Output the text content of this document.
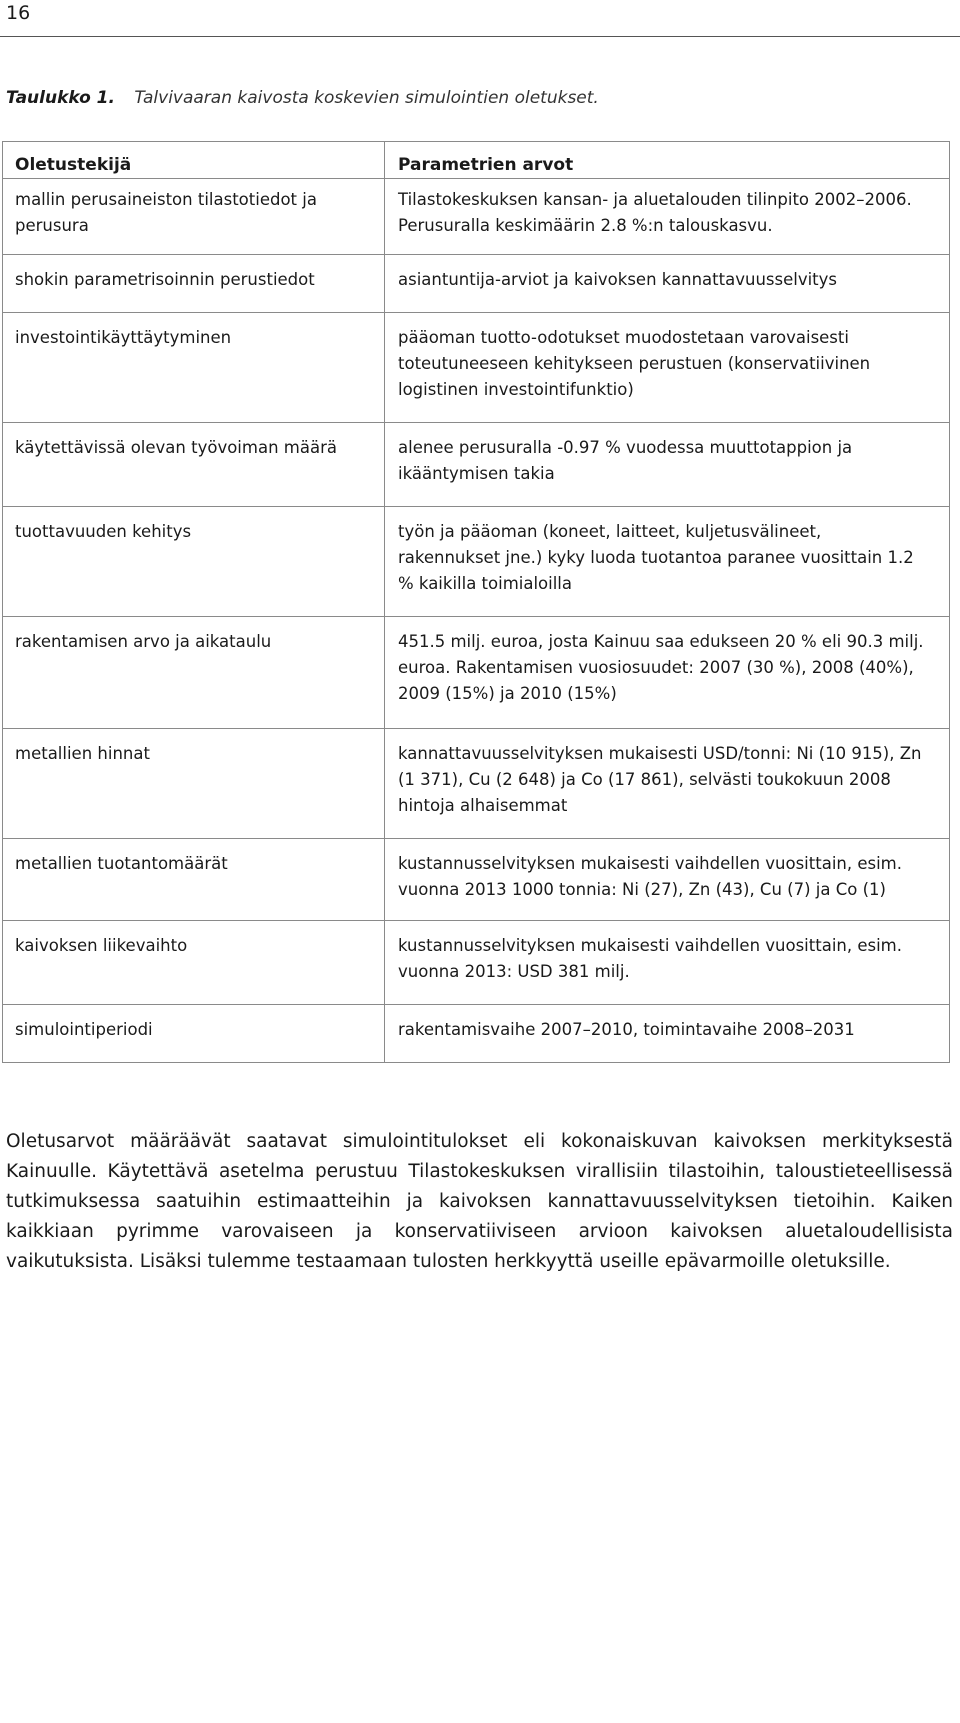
16
Taulukko 1. Talvivaaran kaivosta koskevien simulointien oletukset.
Oletustekijä	Parametrien arvot
mallin perusaineiston tilastotiedot ja perusura	Tilastokeskuksen kansan- ja aluetalouden tilinpito 2002–2006. Perusuralla keskimäärin 2.8 %:n talouskasvu.
shokin parametrisoinnin perustiedot	asiantuntija-arviot ja kaivoksen kannattavuusselvitys
investointikäyttäytyminen	pääoman tuotto-odotukset muodostetaan varovaisesti toteutuneeseen kehitykseen perustuen (konservatiivinen logistinen investointifunktio)
käytettävissä olevan työvoiman määrä	alenee perusuralla -0.97 % vuodessa muuttotappion ja ikääntymisen takia
tuottavuuden kehitys	työn ja pääoman (koneet, laitteet, kuljetusvälineet, rakennukset jne.) kyky luoda tuotantoa paranee vuosittain 1.2 % kaikilla toimialoilla
rakentamisen arvo ja aikataulu	451.5 milj. euroa, josta Kainuu saa edukseen 20 % eli 90.3 milj. euroa. Rakentamisen vuosiosuudet: 2007 (30 %), 2008 (40%), 2009 (15%) ja 2010 (15%)
metallien hinnat	kannattavuusselvityksen mukaisesti USD/tonni: Ni (10 915), Zn (1 371), Cu (2 648) ja Co (17 861), selvästi toukokuun 2008 hintoja alhaisemmat
metallien tuotantomäärät	kustannusselvityksen mukaisesti vaihdellen vuosittain, esim. vuonna 2013 1000 tonnia: Ni (27), Zn (43), Cu (7) ja Co (1)
kaivoksen liikevaihto	kustannusselvityksen mukaisesti vaihdellen vuosittain, esim. vuonna 2013: USD 381 milj.
simulointiperiodi	rakentamisvaihe 2007–2010, toimintavaihe 2008–2031

Oletusarvot määräävät saatavat simulointitulokset eli kokonaiskuvan kaivoksen merkityksestä Kainuulle. Käytettävä asetelma perustuu Tilastokeskuksen virallisiin tilastoihin, taloustieteellisessä tutkimuksessa saatuihin estimaatteihin ja kaivoksen kannattavuusselvityksen tietoihin. Kaiken kaikkiaan pyrimme varovaiseen ja konservatiiviseen arvioon kaivoksen aluetaloudellisista vaikutuksista. Lisäksi tulemme testaamaan tulosten herkkyyttä useille epävarmoille oletuksille.
